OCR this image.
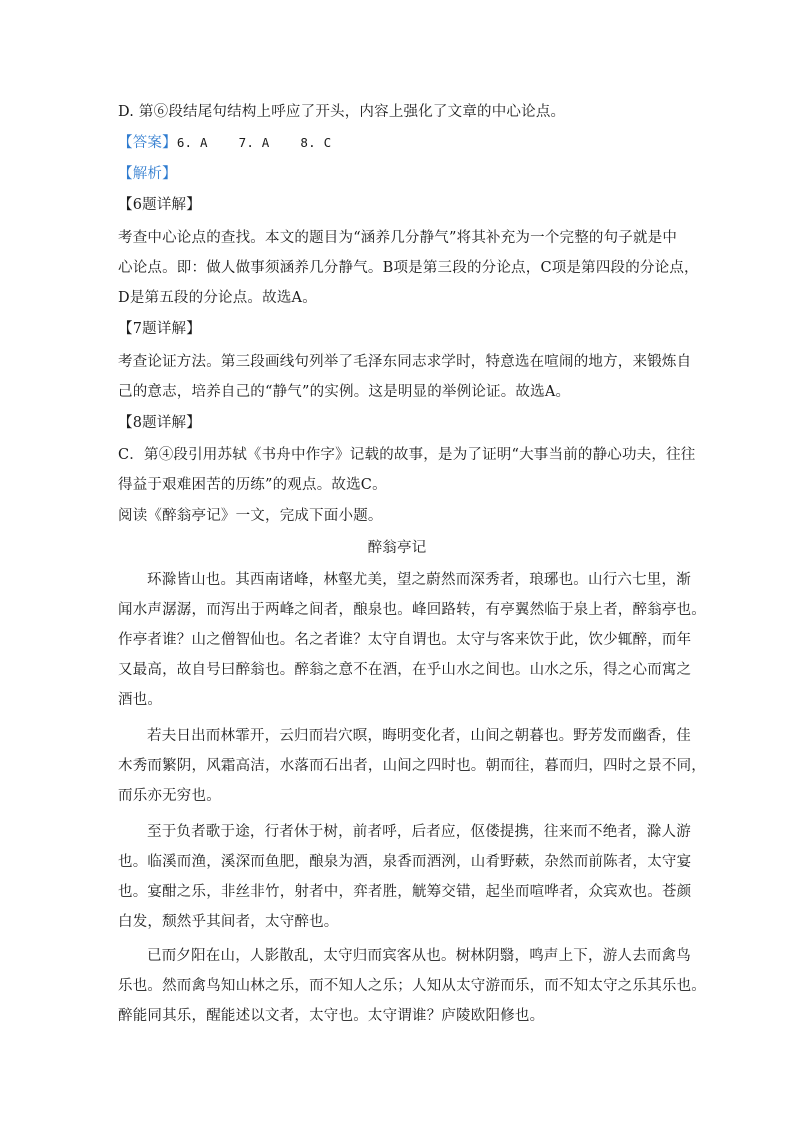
D. 第⑥段结尾句结构上呼应了开头，内容上强化了文章的中心论点。
【答案】6. A    7. A    8. C
【解析】
【6题详解】
考查中心论点的查找。本文的题目为“涵养几分静气”将其补充为一个完整的句子就是中
心论点。即：做人做事须涵养几分静气。B项是第三段的分论点，C项是第四段的分论点，
D是第五段的分论点。故选A。
【7题详解】
考查论证方法。第三段画线句列举了毛泽东同志求学时，特意选在喧闹的地方，来锻炼自
己的意志，培养自己的“静气”的实例。这是明显的举例论证。故选A。
【8题详解】
C．第④段引用苏轼《书舟中作字》记载的故事，是为了证明“大事当前的静心功夫，往往
得益于艰难困苦的历练”的观点。故选C。
阅读《醉翁亭记》一文，完成下面小题。
醉翁亭记
环滁皆山也。其西南诸峰，林壑尤美，望之蔚然而深秀者，琅琊也。山行六七里，渐
闻水声潺潺，而泻出于两峰之间者，酿泉也。峰回路转，有亭翼然临于泉上者，醉翁亭也。
作亭者谁？山之僧智仙也。名之者谁？太守自谓也。太守与客来饮于此，饮少辄醉，而年
又最高，故自号曰醉翁也。醉翁之意不在酒，在乎山水之间也。山水之乐，得之心而寓之
酒也。
若夫日出而林霏开，云归而岩穴暝，晦明变化者，山间之朝暮也。野芳发而幽香，佳
木秀而繁阴，风霜高洁，水落而石出者，山间之四时也。朝而往，暮而归，四时之景不同，
而乐亦无穷也。
至于负者歌于途，行者休于树，前者呼，后者应，伛偻提携，往来而不绝者，滁人游
也。临溪而渔，溪深而鱼肥，酿泉为酒，泉香而酒洌，山肴野蔌，杂然而前陈者，太守宴
也。宴酣之乐，非丝非竹，射者中，弈者胜，觥筹交错，起坐而喧哗者，众宾欢也。苍颜
白发，颓然乎其间者，太守醉也。
已而夕阳在山，人影散乱，太守归而宾客从也。树林阴翳，鸣声上下，游人去而禽鸟
乐也。然而禽鸟知山林之乐，而不知人之乐；人知从太守游而乐，而不知太守之乐其乐也。
醉能同其乐，醒能述以文者，太守也。太守谓谁？庐陵欧阳修也。
